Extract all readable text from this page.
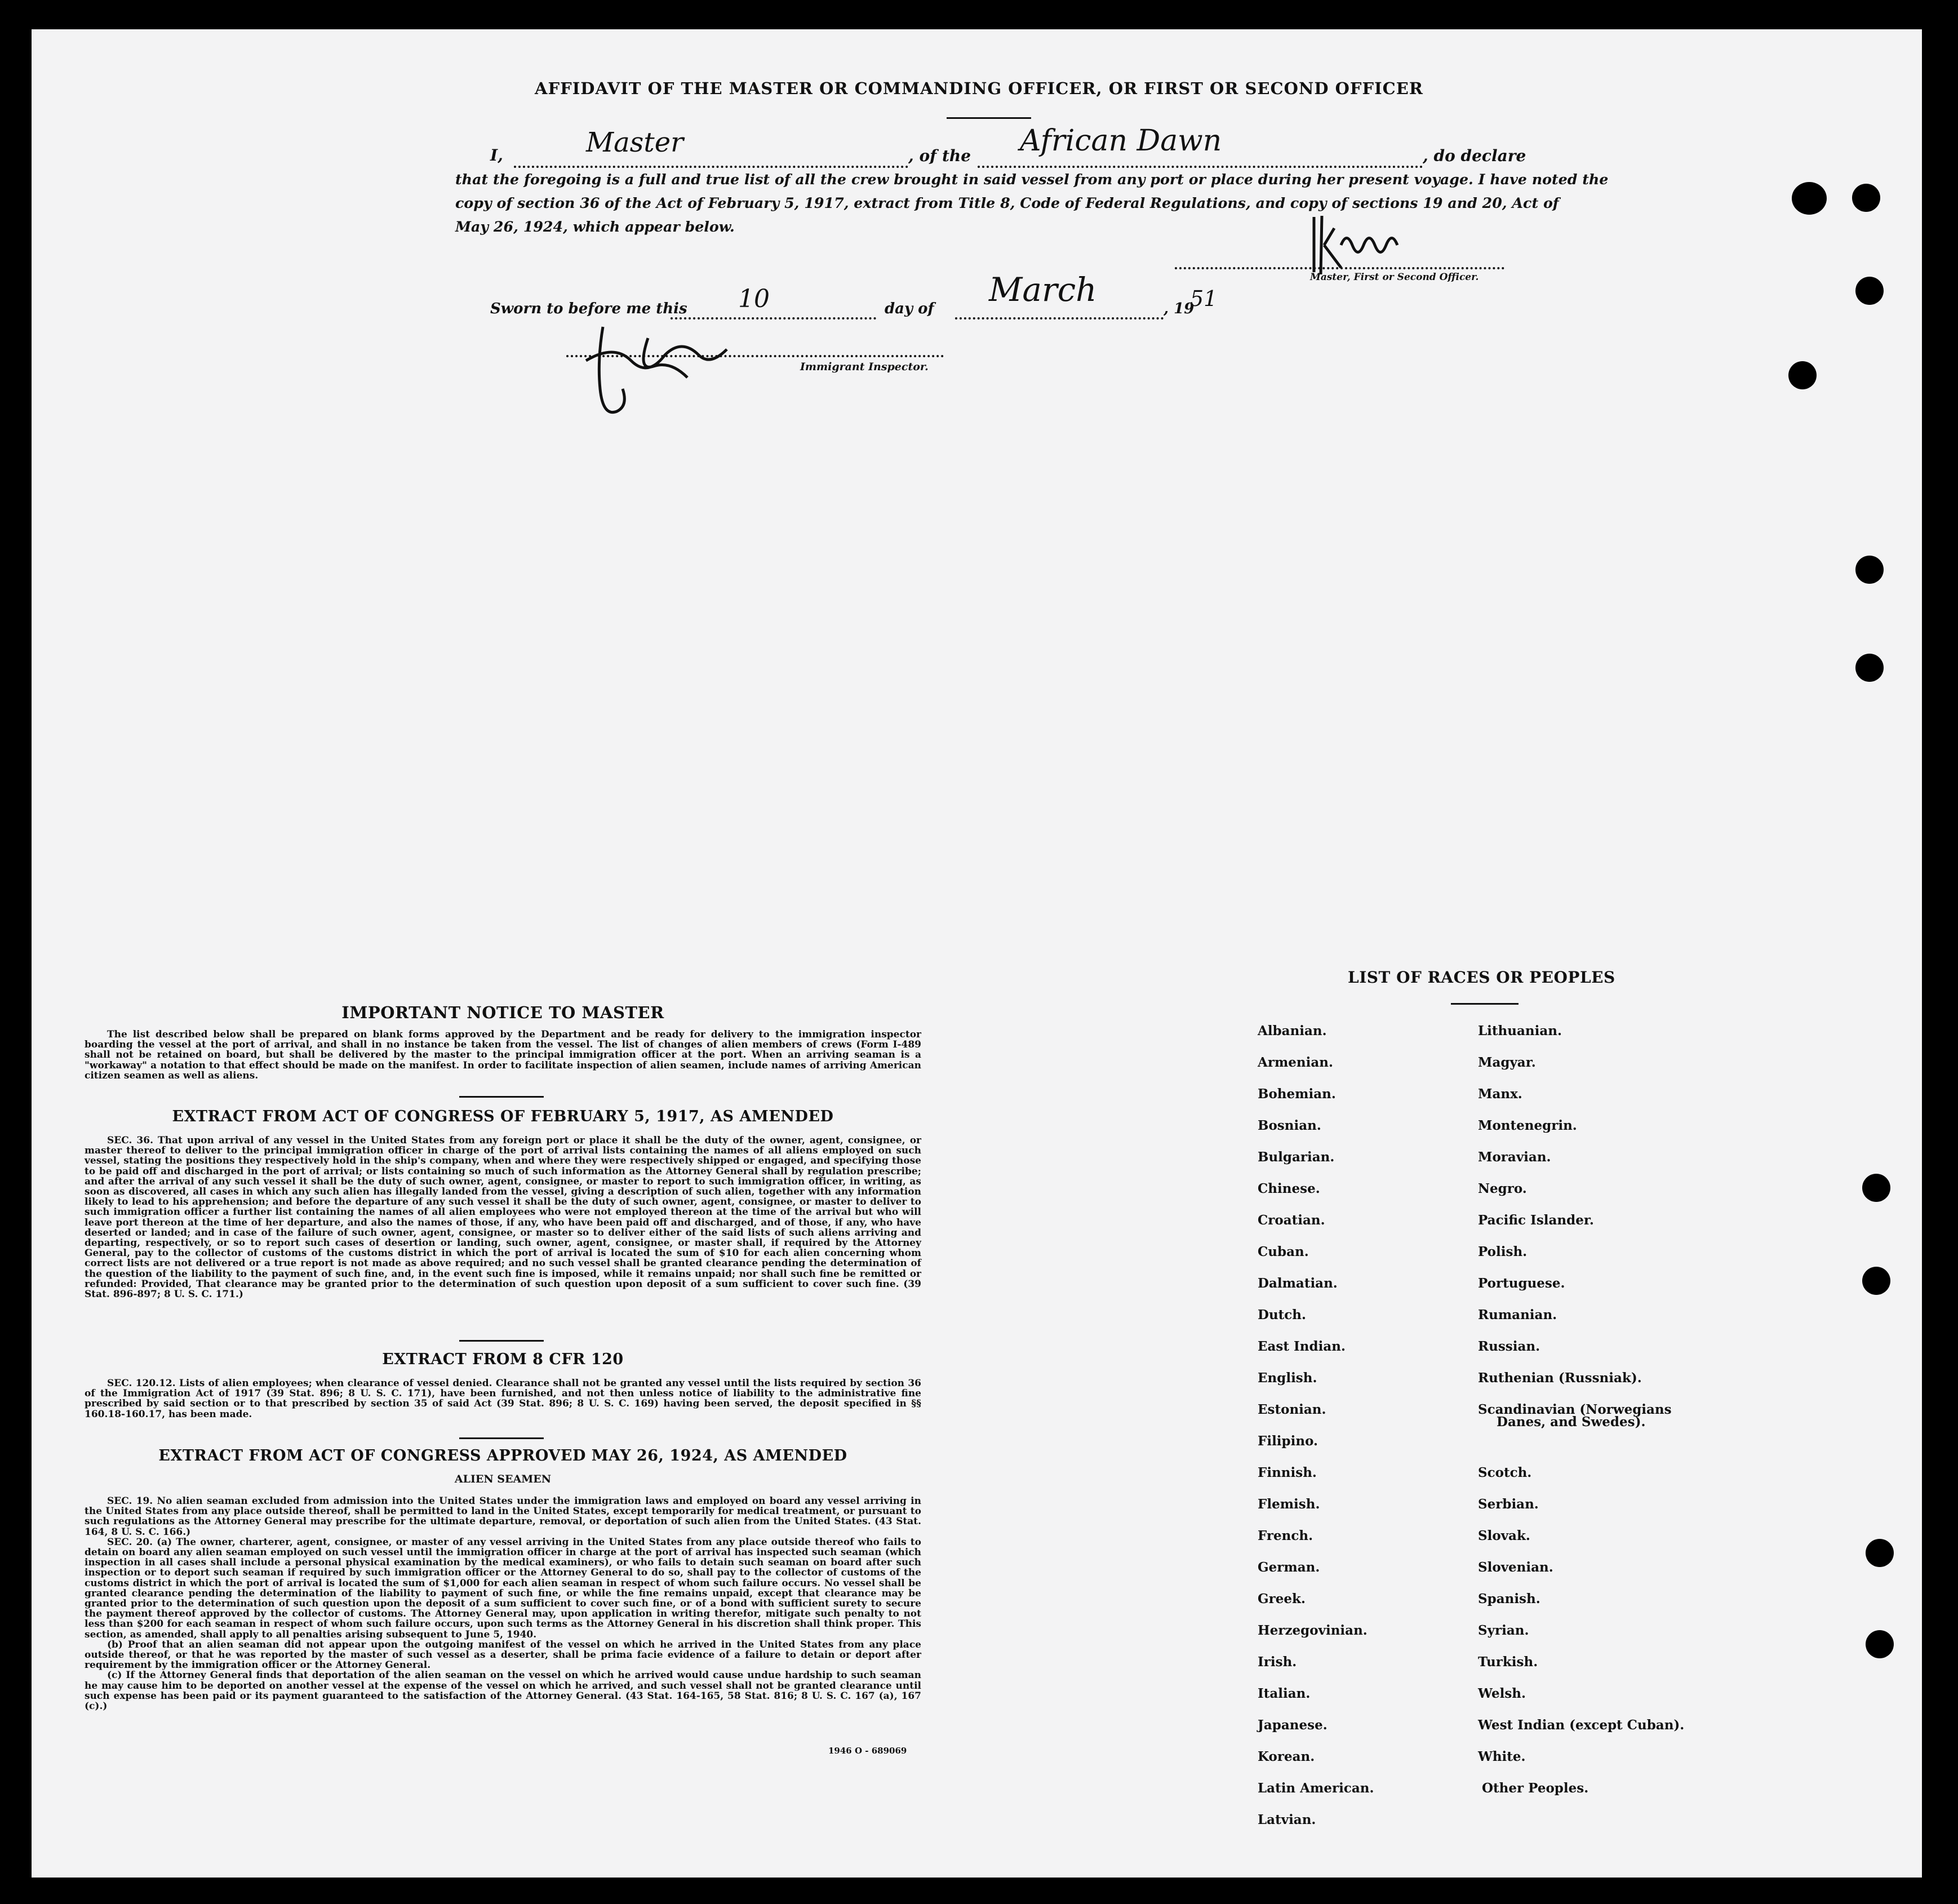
AFFIDAVIT OF THE MASTER OR COMMANDING OFFICER, OR FIRST OR SECOND OFFICER
I,	Master	, of the African Dawn	, do declare
that the foregoing is a full and true list of all the crew brought in said vessel from any port or place during her present voyage. I have noted the
copy of section 36 of the Act of February 5, 1917, extract from Title 8, Code of Federal Regulations, and copy of sections 19 and 20, Act of
May 26, 1924, which appear below.
Master, First or Second Officer.
Sworn to before me this 10	day of March	, 19
51
Immigrant Inspector.
IMPORTANT NOTICE TO MASTER

The list described below shall be prepared on blank forms approved by the Department and be ready for delivery to the immigration inspector boarding the vessel at the port of arrival, and shall in no instance be taken from the vessel. The list of changes of alien members of crews (Form I-489 shall not be retained on board, but shall be delivered by the master to the principal immigration officer at the port. When an arriving seaman is a "workaway" a notation to that effect should be made on the manifest. In order to facilitate inspection of alien seamen, include names of arriving American citizen seamen as well as aliens.

EXTRACT FROM ACT OF CONGRESS OF FEBRUARY 5, 1917, AS AMENDED

SEC. 36. That upon arrival of any vessel in the United States from any foreign port or place it shall be the duty of the owner, agent, consignee, or master thereof to deliver to the principal immigration officer in charge of the port of arrival lists containing the names of all aliens employed on such vessel, stating the positions they respectively hold in the ship's company, when and where they were respectively shipped or engaged, and specifying those to be paid off and discharged in the port of arrival; or lists containing so much of such information as the Attorney General shall by regulation prescribe; and after the arrival of any such vessel it shall be the duty of such owner, agent, consignee, or master to report to such immigration officer, in writing, as soon as discovered, all cases in which any such alien has illegally landed from the vessel, giving a description of such alien, together with any information likely to lead to his apprehension; and before the departure of any such vessel it shall be the duty of such owner, agent, consignee, or master to deliver to such immigration officer a further list containing the names of all alien employees who were not employed thereon at the time of the arrival but who will leave port thereon at the time of her departure, and also the names of those, if any, who have been paid off and discharged, and of those, if any, who have deserted or landed; and in case of the failure of such owner, agent, consignee, or master so to deliver either of the said lists of such aliens arriving and departing, respectively, or so to report such cases of desertion or landing, such owner, agent, consignee, or master shall, if required by the Attorney General, pay to the collector of customs of the customs district in which the port of arrival is located the sum of $10 for each alien concerning whom correct lists are not delivered or a true report is not made as above required; and no such vessel shall be granted clearance pending the determination of the question of the liability to the payment of such fine, and, in the event such fine is imposed, while it remains unpaid; nor shall such fine be remitted or refunded: Provided, That clearance may be granted prior to the determination of such question upon deposit of a sum sufficient to cover such fine. (39 Stat. 896-897; 8 U. S. C. 171.)

EXTRACT FROM 8 CFR 120

SEC. 120.12. Lists of alien employees; when clearance of vessel denied. Clearance shall not be granted any vessel until the lists required by section 36 of the Immigration Act of 1917 (39 Stat. 896; 8 U. S. C. 171), have been furnished, and not then unless notice of liability to the administrative fine prescribed by said section or to that prescribed by section 35 of said Act (39 Stat. 896; 8 U. S. C. 169) having been served, the deposit specified in §§ 160.18-160.17, has been made.

EXTRACT FROM ACT OF CONGRESS APPROVED MAY 26, 1924, AS AMENDED
ALIEN SEAMEN

SEC. 19. No alien seaman excluded from admission into the United States under the immigration laws and employed on board any vessel arriving in the United States from any place outside thereof, shall be permitted to land in the United States, except temporarily for medical treatment, or pursuant to such regulations as the Attorney General may prescribe for the ultimate departure, removal, or deportation of such alien from the United States. (43 Stat. 164, 8 U. S. C. 166.)

SEC. 20. (a) The owner, charterer, agent, consignee, or master of any vessel arriving in the United States from any place outside thereof who fails to detain on board any alien seaman employed on such vessel until the immigration officer in charge at the port of arrival has inspected such seaman (which inspection in all cases shall include a personal physical examination by the medical examiners), or who fails to detain such seaman on board after such inspection or to deport such seaman if required by such immigration officer or the Attorney General to do so, shall pay to the collector of customs of the customs district in which the port of arrival is located the sum of $1,000 for each alien seaman in respect of whom such failure occurs. No vessel shall be granted clearance pending the determination of the liability to payment of such fine, or while the fine remains unpaid, except that clearance may be granted prior to the determination of such question upon the deposit of a sum sufficient to cover such fine, or of a bond with sufficient surety to secure the payment thereof approved by the collector of customs. The Attorney General may, upon application in writing therefor, mitigate such penalty to not less than $200 for each seaman in respect of whom such failure occurs, upon such terms as the Attorney General in his discretion shall think proper. This section, as amended, shall apply to all penalties arising subsequent to June 5, 1940.

(b) Proof that an alien seaman did not appear upon the outgoing manifest of the vessel on which he arrived in the United States from any place outside thereof, or that he was reported by the master of such vessel as a deserter, shall be prima facie evidence of a failure to detain or deport after requirement by the immigration officer or the Attorney General.

(c) If the Attorney General finds that deportation of the alien seaman on the vessel on which he arrived would cause undue hardship to such seaman he may cause him to be deported on another vessel at the expense of the vessel on which he arrived, and such vessel shall not be granted clearance until such expense has been paid or its payment guaranteed to the satisfaction of the Attorney General. (43 Stat. 164-165, 58 Stat. 816; 8 U. S. C. 167 (a), 167 (c).)

1946 O - 689069
LIST OF RACES OR PEOPLES
Albanian.
Armenian.
Bohemian.
Bosnian.
Bulgarian.
Chinese.
Croatian.
Cuban.
Dalmatian.
Dutch.
East Indian.
English.
Estonian.
Filipino.
Finnish.
Flemish.
French.
German.
Greek.
Herzegovinian.
Irish.
Italian.
Japanese.
Korean.
Latin American.
Latvian.
Lithuanian.
Magyar.
Manx.
Montenegrin.
Moravian.
Negro.
Pacific Islander.
Polish.
Portuguese.
Rumanian.
Russian.
Ruthenian (Russniak).
Scandinavian (Norwegians
Danes, and Swedes).
Scotch.
Serbian.
Slovak.
Slovenian.
Spanish.
Syrian.
Turkish.
Welsh.
West Indian (except Cuban).
White.
Other Peoples.
